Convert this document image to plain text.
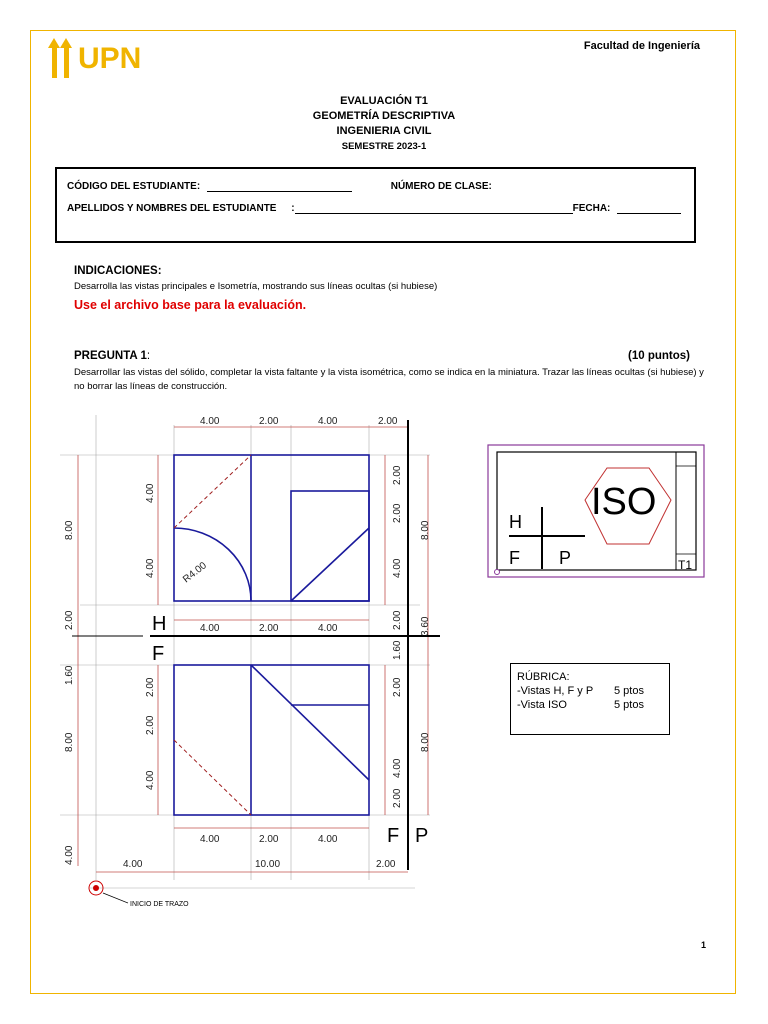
UPN	Facultad de Ingeniería
EVALUACIÓN T1
GEOMETRÍA DESCRIPTIVA
INGENIERIA CIVIL
SEMESTRE 2023-1
CÓDIGO DEL ESTUDIANTE:	NÚMERO DE CLASE:
APELLIDOS Y NOMBRES DEL ESTUDIANTE :	FECHA:
INDICACIONES:
Desarrolla las vistas principales e Isometría, mostrando sus líneas ocultas (si hubiese)
Use el archivo base para la evaluación.
PREGUNTA 1:	(10 puntos)
Desarrollar las vistas del sólido, completar la vista faltante y la vista isométrica, como se indica en la miniatura. Trazar las líneas ocultas (si hubiese) y no borrar las líneas de construcción.
4.00	2.00	4.00	2.00
4.00	2.00	4.00
4.00	2.00	4.00
4.00	10.00	2.00
8.00
4.00
4.00
2.00
1.60
2.00
2.00
4.00
8.00
4.00
2.00
2.00
4.00
8.00
2.00 3.60
1.60
2.00
4.00
2.00
8.00
R4.00
H
F
F P
INICIO DE TRAZO
ISO
H
F P	T1
RÚBRICA:
-Vistas H, F y P	5 ptos
-Vista ISO	5 ptos
1
